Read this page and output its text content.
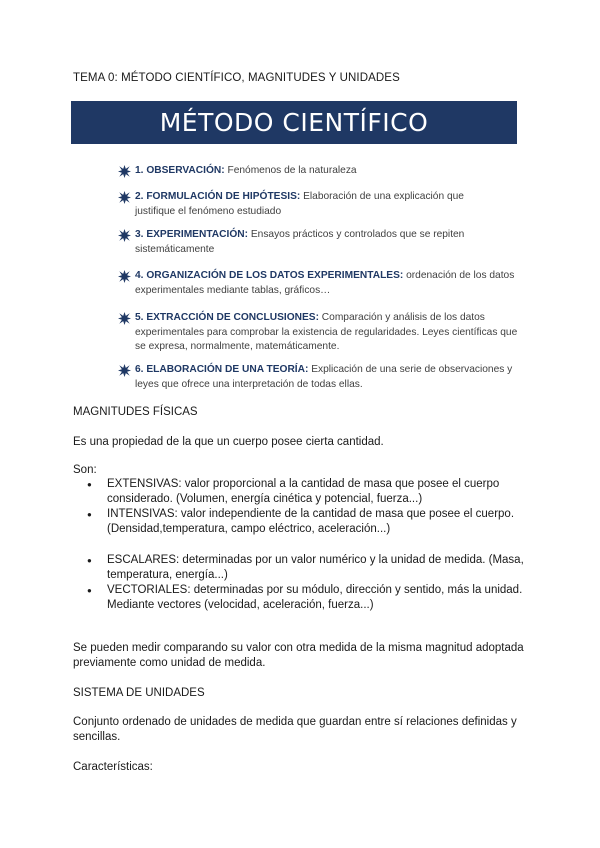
TEMA 0: MÉTODO CIENTÍFICO, MAGNITUDES Y UNIDADES
MÉTODO CIENTÍFICO
1. OBSERVACIÓN: Fenómenos de la naturaleza
2. FORMULACIÓN DE HIPÓTESIS: Elaboración de una explicación que
justifique el fenómeno estudiado
3. EXPERIMENTACIÓN: Ensayos prácticos y controlados que se repiten
sistemáticamente
4. ORGANIZACIÓN DE LOS DATOS EXPERIMENTALES: ordenación de los datos
experimentales mediante tablas, gráficos…
5. EXTRACCIÓN DE CONCLUSIONES: Comparación y análisis de los datos
experimentales para comprobar la existencia de regularidades. Leyes científicas que se expresa, normalmente, matemáticamente.
6. ELABORACIÓN DE UNA TEORÍA: Explicación de una serie de observaciones y
leyes que ofrece una interpretación de todas ellas.
MAGNITUDES FÍSICAS
Es una propiedad de la que un cuerpo posee cierta cantidad.
Son:
● EXTENSIVAS: valor proporcional a la cantidad de masa que posee el cuerpo considerado. (Volumen, energía cinética y potencial, fuerza...)
● INTENSIVAS: valor independiente de la cantidad de masa que posee el cuerpo. (Densidad,temperatura, campo eléctrico, aceleración...)
● ESCALARES: determinadas por un valor numérico y la unidad de medida. (Masa, temperatura, energía...)
● VECTORIALES: determinadas por su módulo, dirección y sentido, más la unidad. Mediante vectores (velocidad, aceleración, fuerza...)
Se pueden medir comparando su valor con otra medida de la misma magnitud adoptada previamente como unidad de medida.
SISTEMA DE UNIDADES
Conjunto ordenado de unidades de medida que guardan entre sí relaciones definidas y sencillas.
Características:
